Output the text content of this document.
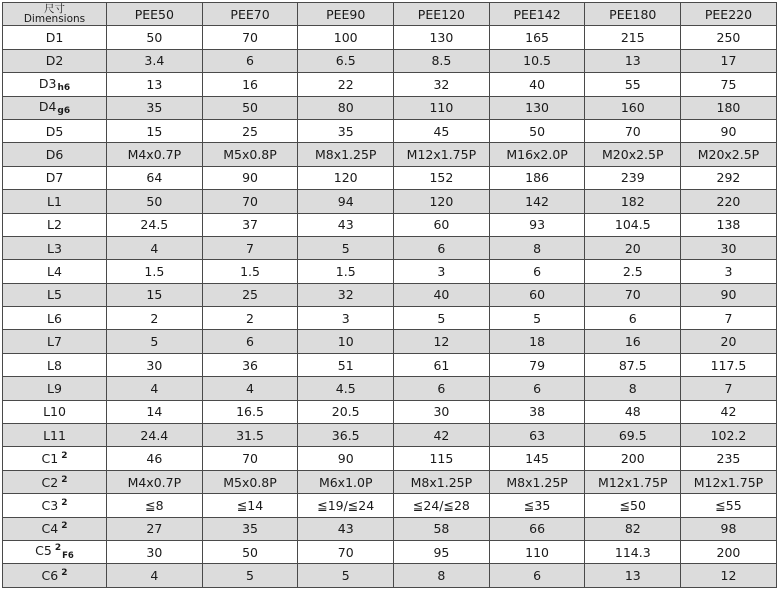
尺寸
Dimensions	PEE50	PEE70	PEE90	PEE120	PEE142	PEE180	PEE220
D1	50	70	100	130	165	215	250
D2	3.4	6	6.5	8.5	10.5	13	17
$D3_{h6}$	13	16	22	32	40	55	75
$D4_{g6}$	35	50	80	110	130	160	180
D5	15	25	35	45	50	70	90
D6	M4x0.7P	M5x0.8P	M8x1.25P	M12x1.75P	M16x2.0P	M20x2.5P	M20x2.5P
D7	64	90	120	152	186	239	292
L1	50	70	94	120	142	182	220
L2	24.5	37	43	60	93	104.5	138
L3	4	7	5	6	8	20	30
L4	1.5	1.5	1.5	3	6	2.5	3
L5	15	25	32	40	60	70	90
L6	2	2	3	5	5	6	7
L7	5	6	10	12	18	16	20
L8	30	36	51	61	79	87.5	117.5
L9	4	4	4.5	6	6	8	7
L10	14	16.5	20.5	30	38	48	42
L11	24.4	31.5	36.5	42	63	69.5	102.2
C1 $^2$	46	70	90	115	145	200	235
C2 $^2$	M4x0.7P	M5x0.8P	M6x1.0P	M8x1.25P	M8x1.25P	M12x1.75P	M12x1.75P
C3 $^2$	≦8	≦14	≦19/≦24	≦24/≦28	≦35	≦50	≦55
C4 $^2$	27	35	43	58	66	82	98
C5 $^2_{F6}$	30	50	70	95	110	114.3	200
C6 $^2$	4	5	5	8	6	13	12
